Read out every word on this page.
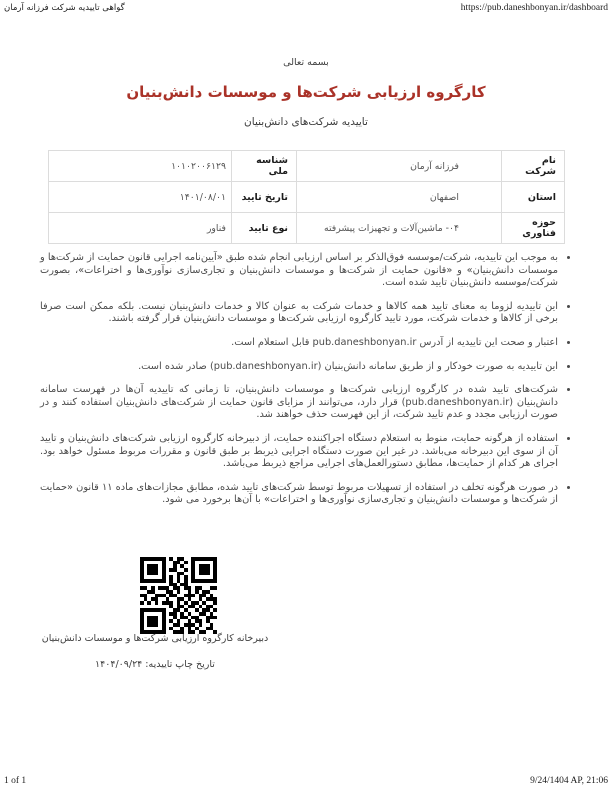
گواهی تاییدیه شرکت فرزانه آرمان	https://pub.daneshbonyan.ir/dashboard
بسمه تعالی
کارگروه ارزیابی شرکت‌ها و موسسات دانش‌بنیان
تاییدیه شرکت‌های دانش‌بنیان
نام شرکت	فرزانه آرمان	شناسه ملی	۱۰۱۰۲۰۰۶۱۲۹
استان	اصفهان	تاریخ تایید	۱۴۰۱/۰۸/۰۱
حوزه فناوری	۰۴- ماشین‌آلات و تجهیزات پیشرفته	نوع تایید	فناور
• به موجب این تاییدیه، شرکت/موسسه فوق‌الذکر بر اساس ارزیابی انجام شده طبق «آیین‌نامه اجرایی قانون حمایت از شرکت‌ها و موسسات دانش‌بنیان» و «قانون حمایت از شرکت‌ها و موسسات دانش‌بنیان و تجاری‌سازی نوآوری‌ها و اختراعات»، بصورت شرکت/موسسه دانش‌بنیان تایید شده است.
• این تاییدیه لزوما به معنای تایید همه کالاها و خدمات شرکت به عنوان کالا و خدمات دانش‌بنیان نیست. بلکه ممکن است صرفا برخی از کالاها و خدمات شرکت، مورد تایید کارگروه ارزیابی شرکت‌ها و موسسات دانش‌بنیان قرار گرفته باشند.
• اعتبار و صحت این تاییدیه از آدرس pub.daneshbonyan.ir قابل استعلام است.
• این تاییدیه به صورت خودکار و از طریق سامانه دانش‌بنیان (pub.daneshbonyan.ir) صادر شده است.
• شرکت‌های تایید شده در کارگروه ارزیابی شرکت‌ها و موسسات دانش‌بنیان، تا زمانی که تاییدیه آن‌ها در فهرست سامانه دانش‌بنیان (pub.daneshbonyan.ir) قرار دارد، می‌توانند از مزایای قانون حمایت از شرکت‌های دانش‌بنیان استفاده کنند و در صورت ارزیابی مجدد و عدم تایید شرکت، از این فهرست حذف خواهند شد.
• استفاده از هرگونه حمایت، منوط به استعلام دستگاه اجراکننده حمایت، از دبیرخانه کارگروه ارزیابی شرکت‌های دانش‌بنیان و تایید آن از سوی این دبیرخانه می‌باشد. در غیر این صورت دستگاه اجرایی ذیربط بر طبق قانون و مقررات مربوط مسئول خواهد بود. اجرای هر کدام از حمایت‌ها، مطابق دستورالعمل‌های اجرایی مراجع ذیربط می‌باشد.
• در صورت هرگونه تخلف در استفاده از تسهیلات مربوط توسط شرکت‌های تایید شده، مطابق مجازات‌های ماده ۱۱ قانون «حمایت از شرکت‌ها و موسسات دانش‌بنیان و تجاری‌سازی نوآوری‌ها و اختراعات» با آن‌ها برخورد می شود.
دبیرخانه کارگروه ارزیابی شرکت‌ها و موسسات دانش‌بنیان
تاریخ چاپ تاییدیه: ۱۴۰۴/۰۹/۲۴
1 of 1	9/24/1404 AP, 21:06
